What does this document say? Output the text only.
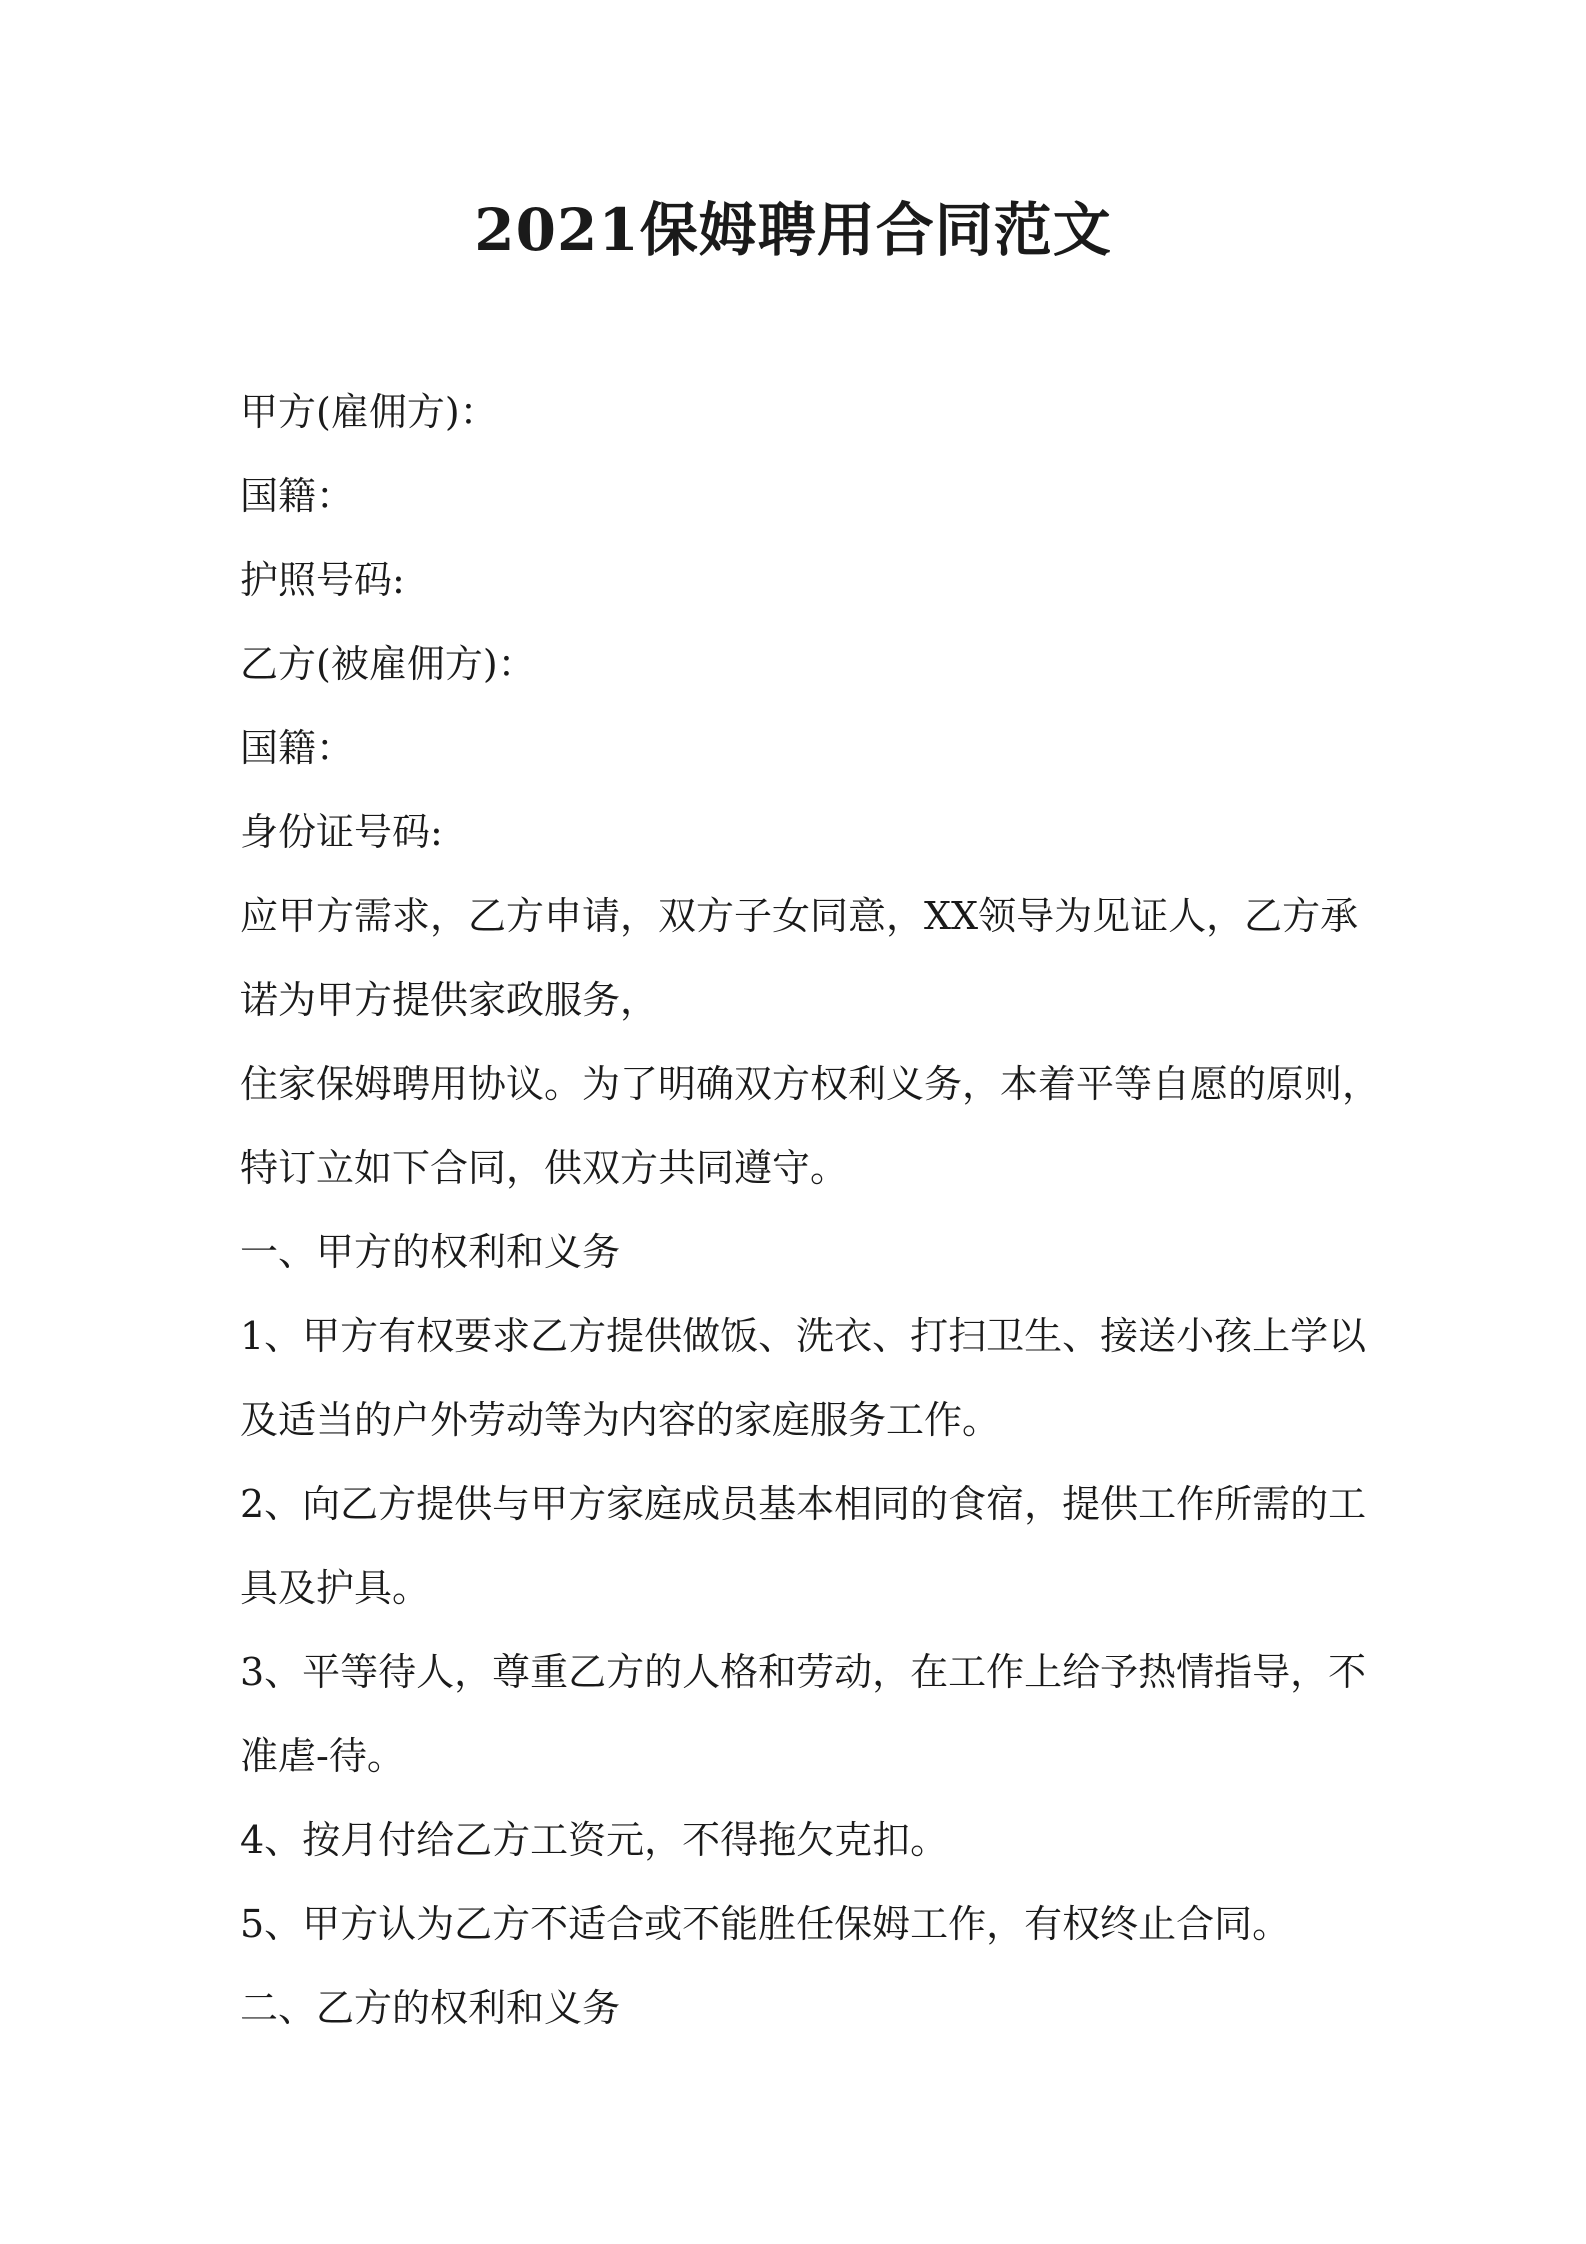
2021保姆聘用合同范文
甲方(雇佣方)：
国籍：
护照号码:
乙方(被雇佣方)：
国籍：
身份证号码:
应甲方需求，乙方申请，双方子女同意，XX领导为见证人，乙方承
诺为甲方提供家政服务，
住家保姆聘用协议。为了明确双方权利义务，本着平等自愿的原则，
特订立如下合同，供双方共同遵守。
一、甲方的权利和义务
1、甲方有权要求乙方提供做饭、洗衣、打扫卫生、接送小孩上学以
及适当的户外劳动等为内容的家庭服务工作。
2、向乙方提供与甲方家庭成员基本相同的食宿，提供工作所需的工
具及护具。
3、平等待人，尊重乙方的人格和劳动，在工作上给予热情指导，不
准虐-待。
4、按月付给乙方工资元，不得拖欠克扣。
5、甲方认为乙方不适合或不能胜任保姆工作，有权终止合同。
二、乙方的权利和义务
